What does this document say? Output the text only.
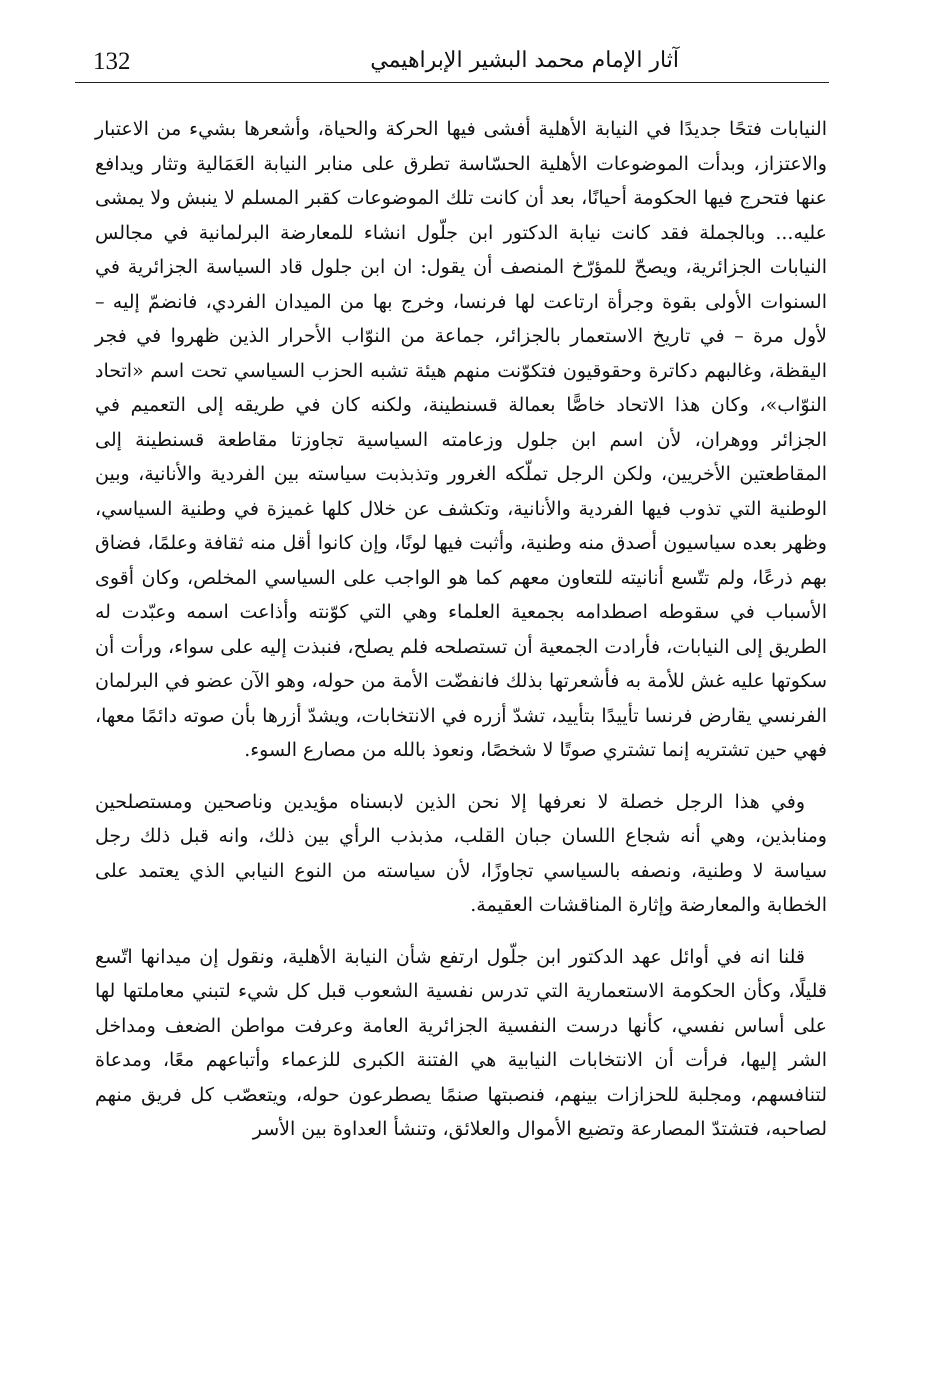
132	آثار الإمام محمد البشير الإبراهيمي

النيابات فتحًا جديدًا في النيابة الأهلية أفشى فيها الحركة والحياة، وأشعرها بشيء من الاعتبار والاعتزاز، وبدأت الموضوعات الأهلية الحسّاسة تطرق على منابر النيابة العَمَالية وتثار ويدافع عنها فتحرج فيها الحكومة أحيانًا، بعد أن كانت تلك الموضوعات كقبر المسلم لا ينبش ولا يمشى عليه... وبالجملة فقد كانت نيابة الدكتور ابن جلّول انشاء للمعارضة البرلمانية في مجالس النيابات الجزائرية، ويصحّ للمؤرّخ المنصف أن يقول: ان ابن جلول قاد السياسة الجزائرية في السنوات الأولى بقوة وجرأة ارتاعت لها فرنسا، وخرج بها من الميدان الفردي، فانضمّ إليه – لأول مرة – في تاريخ الاستعمار بالجزائر، جماعة من النوّاب الأحرار الذين ظهروا في فجر اليقظة، وغالبهم دكاترة وحقوقيون فتكوّنت منهم هيئة تشبه الحزب السياسي تحت اسم «اتحاد النوّاب»، وكان هذا الاتحاد خاصًّا بعمالة قسنطينة، ولكنه كان في طريقه إلى التعميم في الجزائر ووهران، لأن اسم ابن جلول وزعامته السياسية تجاوزتا مقاطعة قسنطينة إلى المقاطعتين الأخريين، ولكن الرجل تملّكه الغرور وتذبذبت سياسته بين الفردية والأنانية، وبين الوطنية التي تذوب فيها الفردية والأنانية، وتكشف عن خلال كلها غميزة في وطنية السياسي، وظهر بعده سياسيون أصدق منه وطنية، وأثبت فيها لونًا، وإن كانوا أقل منه ثقافة وعلمًا، فضاق بهم ذرعًا، ولم تتّسع أنانيته للتعاون معهم كما هو الواجب على السياسي المخلص، وكان أقوى الأسباب في سقوطه اصطدامه بجمعية العلماء وهي التي كوّنته وأذاعت اسمه وعبّدت له الطريق إلى النيابات، فأرادت الجمعية أن تستصلحه فلم يصلح، فنبذت إليه على سواء، ورأت أن سكوتها عليه غش للأمة به فأشعرتها بذلك فانفضّت الأمة من حوله، وهو الآن عضو في البرلمان الفرنسي يقارض فرنسا تأييدًا بتأييد، تشدّ أزره في الانتخابات، ويشدّ أزرها بأن صوته دائمًا معها، فهي حين تشتريه إنما تشتري صوتًا لا شخصًا، ونعوذ بالله من مصارع السوء.

وفي هذا الرجل خصلة لا نعرفها إلا نحن الذين لابسناه مؤيدين وناصحين ومستصلحين ومنابذين، وهي أنه شجاع اللسان جبان القلب، مذبذب الرأي بين ذلك، وانه قبل ذلك رجل سياسة لا وطنية، ونصفه بالسياسي تجاوزًا، لأن سياسته من النوع النيابي الذي يعتمد على الخطابة والمعارضة وإثارة المناقشات العقيمة.

قلنا انه في أوائل عهد الدكتور ابن جلّول ارتفع شأن النيابة الأهلية، ونقول إن ميدانها اتّسع قليلًا، وكأن الحكومة الاستعمارية التي تدرس نفسية الشعوب قبل كل شيء لتبني معاملتها لها على أساس نفسي، كأنها درست النفسية الجزائرية العامة وعرفت مواطن الضعف ومداخل الشر إليها، فرأت أن الانتخابات النيابية هي الفتنة الكبرى للزعماء وأتباعهم معًا، ومدعاة لتنافسهم، ومجلبة للحزازات بينهم، فنصبتها صنمًا يصطرعون حوله، ويتعصّب كل فريق منهم لصاحبه، فتشتدّ المصارعة وتضيع الأموال والعلائق، وتنشأ العداوة بين الأسر
